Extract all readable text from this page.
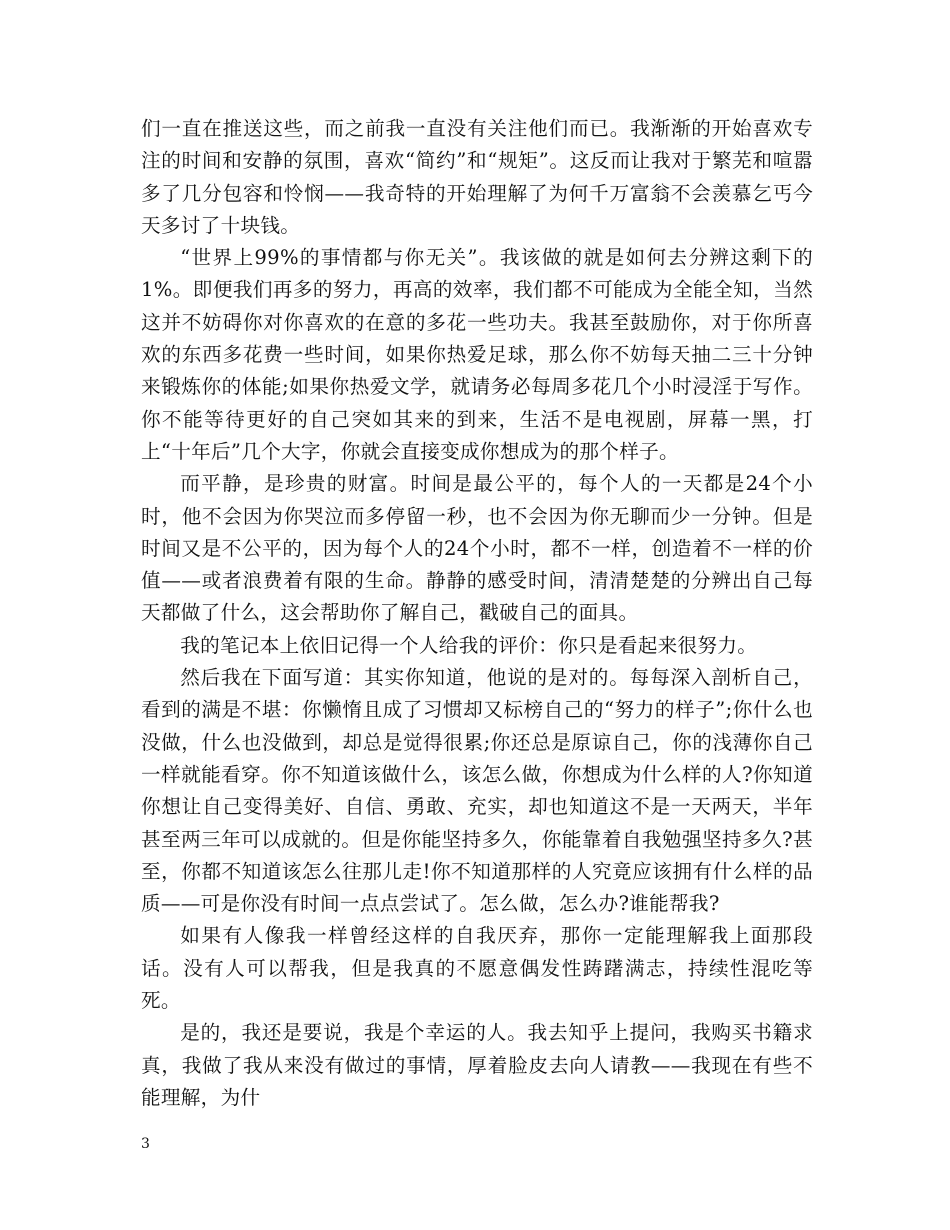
们一直在推送这些，而之前我一直没有关注他们而已。我渐渐的开始喜欢专注的时间和安静的氛围，喜欢“简约”和“规矩”。这反而让我对于繁芜和喧嚣多了几分包容和怜悯——我奇特的开始理解了为何千万富翁不会羡慕乞丐今天多讨了十块钱。

“世界上99%的事情都与你无关”。我该做的就是如何去分辨这剩下的1%。即便我们再多的努力，再高的效率，我们都不可能成为全能全知，当然这并不妨碍你对你喜欢的在意的多花一些功夫。我甚至鼓励你，对于你所喜欢的东西多花费一些时间，如果你热爱足球，那么你不妨每天抽二三十分钟来锻炼你的体能;如果你热爱文学，就请务必每周多花几个小时浸淫于写作。你不能等待更好的自己突如其来的到来，生活不是电视剧，屏幕一黑，打上“十年后”几个大字，你就会直接变成你想成为的那个样子。

而平静，是珍贵的财富。时间是最公平的，每个人的一天都是24个小时，他不会因为你哭泣而多停留一秒，也不会因为你无聊而少一分钟。但是时间又是不公平的，因为每个人的24个小时，都不一样，创造着不一样的价值——或者浪费着有限的生命。静静的感受时间，清清楚楚的分辨出自己每天都做了什么，这会帮助你了解自己，戳破自己的面具。

我的笔记本上依旧记得一个人给我的评价：你只是看起来很努力。

然后我在下面写道：其实你知道，他说的是对的。每每深入剖析自己，看到的满是不堪：你懒惰且成了习惯却又标榜自己的“努力的样子”;你什么也没做，什么也没做到，却总是觉得很累;你还总是原谅自己，你的浅薄你自己一样就能看穿。你不知道该做什么，该怎么做，你想成为什么样的人?你知道你想让自己变得美好、自信、勇敢、充实，却也知道这不是一天两天，半年甚至两三年可以成就的。但是你能坚持多久，你能靠着自我勉强坚持多久?甚至，你都不知道该怎么往那儿走!你不知道那样的人究竟应该拥有什么样的品质——可是你没有时间一点点尝试了。怎么做，怎么办?谁能帮我?

如果有人像我一样曾经这样的自我厌弃，那你一定能理解我上面那段话。没有人可以帮我，但是我真的不愿意偶发性踌躇满志，持续性混吃等死。

是的，我还是要说，我是个幸运的人。我去知乎上提问，我购买书籍求真，我做了我从来没有做过的事情，厚着脸皮去向人请教——我现在有些不能理解，为什

3
